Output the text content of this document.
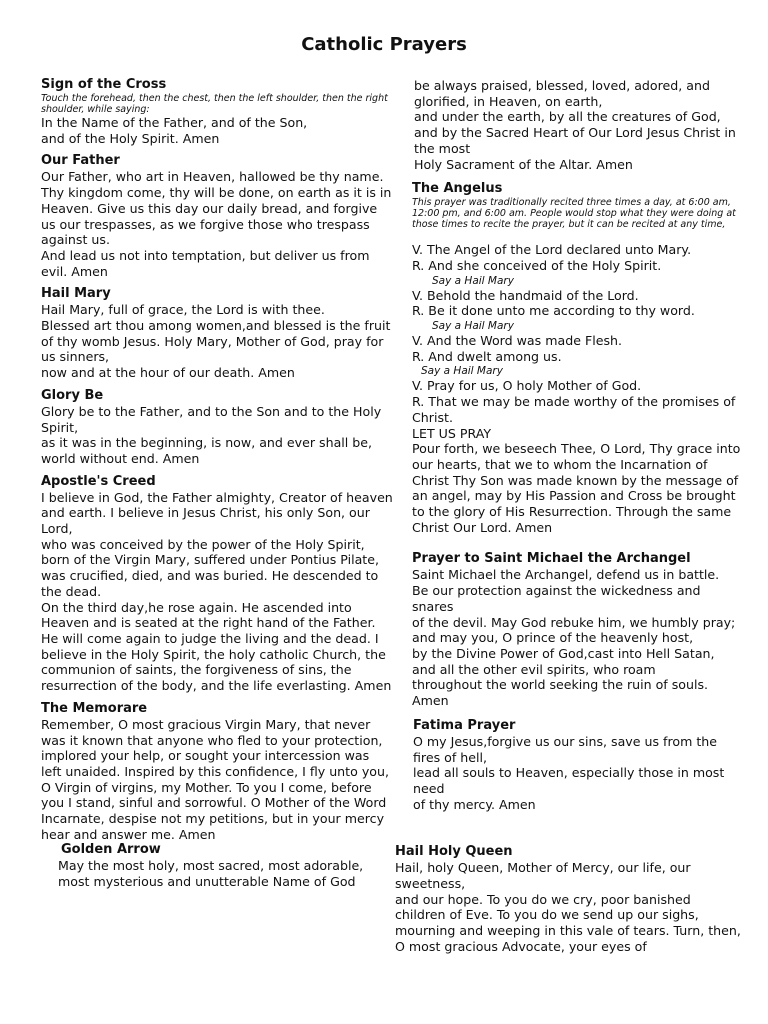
Catholic Prayers
Sign of the Cross
Touch the forehead, then the chest, then the left shoulder, then the right shoulder, while saying:
In the Name of the Father, and of the Son,
and of the Holy Spirit. Amen
Our Father
Our Father, who art in Heaven, hallowed be thy name.
Thy kingdom come, thy will be done, on earth as it is in Heaven. Give us this day our daily bread, and forgive us our trespasses, as we forgive those who trespass against us.
And lead us not into temptation, but deliver us from evil. Amen
Hail Mary
Hail Mary, full of grace, the Lord is with thee.
Blessed art thou among women,and blessed is the fruit of thy womb Jesus. Holy Mary, Mother of God, pray for us sinners,
now and at the hour of our death. Amen
Glory Be
Glory be to the Father, and to the Son and to the Holy Spirit,
as it was in the beginning, is now, and ever shall be, world without end. Amen
Apostle's Creed
I believe in God, the Father almighty, Creator of heaven
and earth. I believe in Jesus Christ, his only Son, our Lord,
who was conceived by the power of the Holy Spirit, born of the Virgin Mary, suffered under Pontius Pilate, was crucified, died, and was buried. He descended to the dead.
On the third day,he rose again. He ascended into Heaven and is seated at the right hand of the Father. He will come again to judge the living and the dead. I believe in the Holy Spirit, the holy catholic Church, the communion of saints, the forgiveness of sins, the resurrection of the body, and the life everlasting. Amen
The Memorare
Remember, O most gracious Virgin Mary, that never was it known that anyone who fled to your protection, implored your help, or sought your intercession was left unaided. Inspired by this confidence, I fly unto you, O Virgin of virgins, my Mother. To you I come, before you I stand, sinful and sorrowful. O Mother of the Word Incarnate, despise not my petitions, but in your mercy hear and answer me. Amen
Golden Arrow
May the most holy, most sacred, most adorable, most mysterious and unutterable Name of God
be always praised, blessed, loved, adored, and glorified, in Heaven, on earth,
and under the earth, by all the creatures of God, and by the Sacred Heart of Our Lord Jesus Christ in the most
Holy Sacrament of the Altar. Amen
The Angelus
This prayer was traditionally recited three times a day, at 6:00 am, 12:00 pm, and 6:00 am. People would stop what they were doing at those times to recite the prayer, but it can be recited at any time,
V. The Angel of the Lord declared unto Mary.
R. And she conceived of the Holy Spirit.
Say a Hail Mary
V. Behold the handmaid of the Lord.
R. Be it done unto me according to thy word.
Say a Hail Mary
V. And the Word was made Flesh.
R. And dwelt among us.
Say a Hail Mary
V. Pray for us, O holy Mother of God.
R. That we may be made worthy of the promises of Christ.
LET US PRAY
Pour forth, we beseech Thee, O Lord, Thy grace into our hearts, that we to whom the Incarnation of Christ Thy Son was made known by the message of an angel, may by His Passion and Cross be brought to the glory of His Resurrection. Through the same Christ Our Lord. Amen
Prayer to Saint Michael the Archangel
Saint Michael the Archangel, defend us in battle.
Be our protection against the wickedness and snares
of the devil. May God rebuke him, we humbly pray;
and may you, O prince of the heavenly host,
by the Divine Power of God,cast into Hell Satan,
and all the other evil spirits, who roam
throughout the world seeking the ruin of souls. Amen
Fatima Prayer
O my Jesus,forgive us our sins, save us from the fires of hell,
lead all souls to Heaven, especially those in most need
of thy mercy. Amen
Hail Holy Queen
Hail, holy Queen, Mother of Mercy, our life, our sweetness,
and our hope. To you do we cry, poor banished children of Eve. To you do we send up our sighs, mourning and weeping in this vale of tears. Turn, then, O most gracious Advocate, your eyes of
